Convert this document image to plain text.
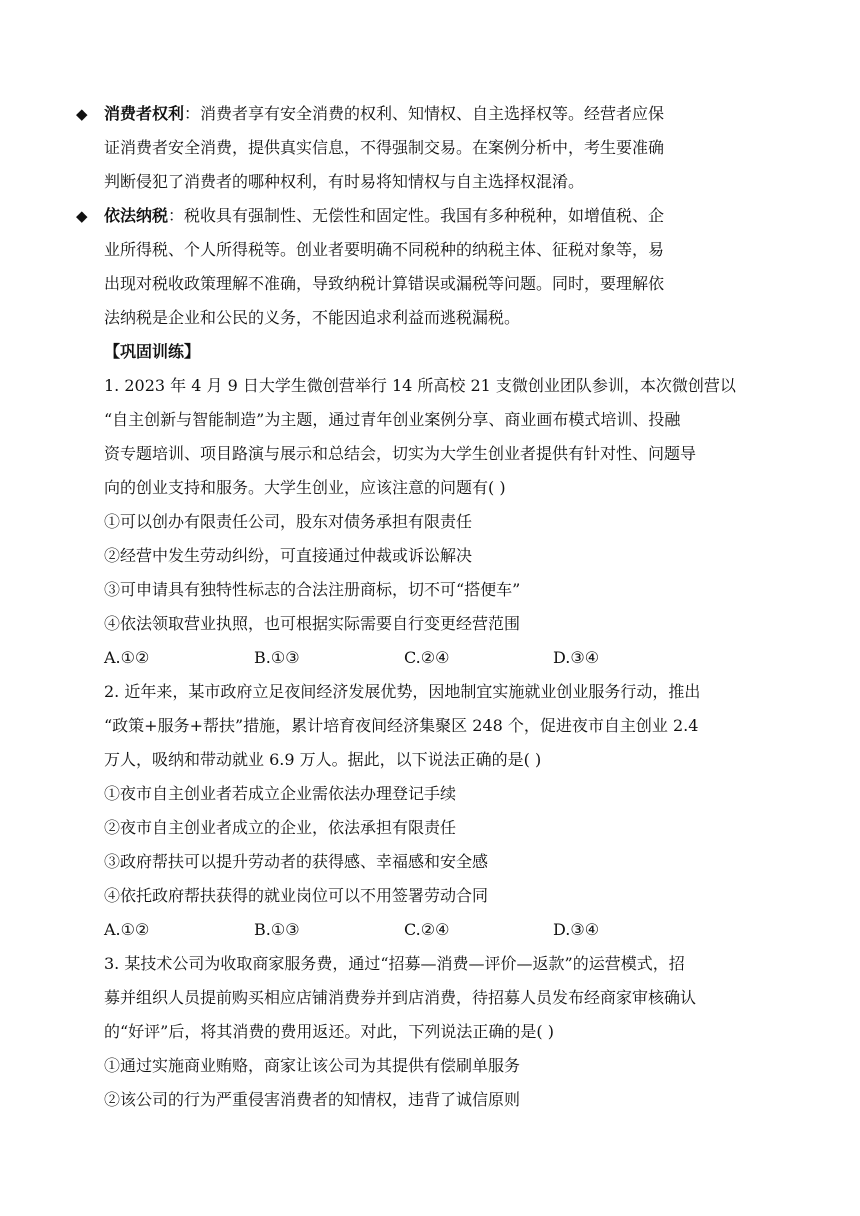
◆	消费者权利：消费者享有安全消费的权利、知情权、自主选择权等。经营者应保
证消费者安全消费，提供真实信息，不得强制交易。在案例分析中，考生要准确
判断侵犯了消费者的哪种权利，有时易将知情权与自主选择权混淆。
◆	依法纳税：税收具有强制性、无偿性和固定性。我国有多种税种，如增值税、企
业所得税、个人所得税等。创业者要明确不同税种的纳税主体、征税对象等，易
出现对税收政策理解不准确，导致纳税计算错误或漏税等问题。同时，要理解依
法纳税是企业和公民的义务，不能因追求利益而逃税漏税。
【巩固训练】
1. 2023 年 4 月 9 日大学生微创营举行 14 所高校 21 支微创业团队参训，本次微创营以
“自主创新与智能制造”为主题，通过青年创业案例分享、商业画布模式培训、投融
资专题培训、项目路演与展示和总结会，切实为大学生创业者提供有针对性、问题导
向的创业支持和服务。大学生创业，应该注意的问题有( )
①可以创办有限责任公司，股东对债务承担有限责任
②经营中发生劳动纠纷，可直接通过仲裁或诉讼解决
③可申请具有独特性标志的合法注册商标，切不可“搭便车”
④依法领取营业执照，也可根据实际需要自行变更经营范围
A.①②	B.①③	C.②④	D.③④
2. 近年来，某市政府立足夜间经济发展优势，因地制宜实施就业创业服务行动，推出
“政策+服务+帮扶”措施，累计培育夜间经济集聚区 248 个，促进夜市自主创业 2.4
万人，吸纳和带动就业 6.9 万人。据此，以下说法正确的是( )
①夜市自主创业者若成立企业需依法办理登记手续
②夜市自主创业者成立的企业，依法承担有限责任
③政府帮扶可以提升劳动者的获得感、幸福感和安全感
④依托政府帮扶获得的就业岗位可以不用签署劳动合同
A.①②	B.①③	C.②④	D.③④
3. 某技术公司为收取商家服务费，通过“招募—消费—评价—返款”的运营模式，招
募并组织人员提前购买相应店铺消费券并到店消费，待招募人员发布经商家审核确认
的“好评”后，将其消费的费用返还。对此，下列说法正确的是( )
①通过实施商业贿赂，商家让该公司为其提供有偿刷单服务
②该公司的行为严重侵害消费者的知情权，违背了诚信原则
